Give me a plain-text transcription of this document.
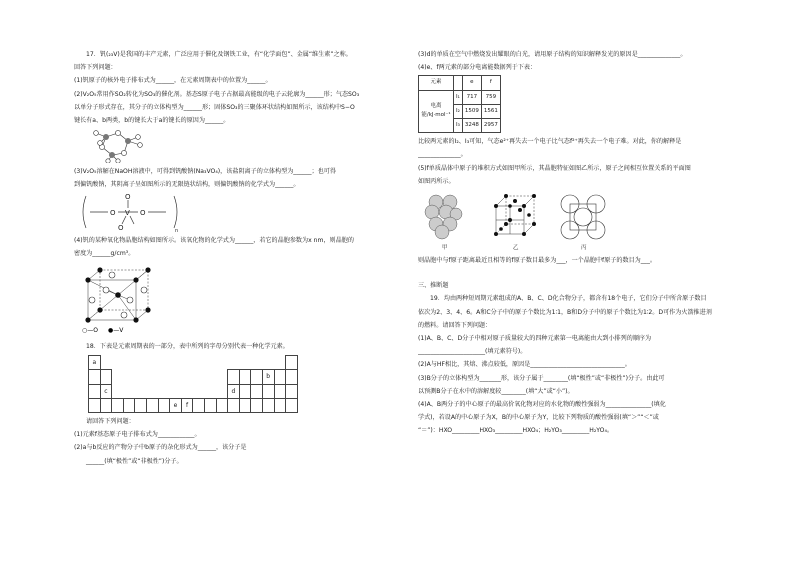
17．钒(₂₃V)是我国的丰产元素，广泛应用于催化及钢铁工业，有“化学面包”、金属“维生素”之称。
回答下列问题：
(1)钒原子的核外电子排布式为______，在元素周期表中的位置为______。
(2)V₂O₅常用作SO₂转化为SO₃的催化剂。基态S原子电子占据最高能级的电子云轮廓为______形；气态SO₃
以单分子形式存在，其分子的立体构型为______形；固体SO₃的三聚体环状结构如图所示，该结构中S−O
键长有a、b两类，b的键长大于a的键长的原因为______。
(3)V₂O₅溶解在NaOH溶液中，可得到钒酸钠(Na₃VO₄)，该盐阴离子的立体构型为______；也可得
到偏钒酸钠，其阴离子呈如图所示的无限链状结构，则偏钒酸钠的化学式为______。
O V O
O
O	n
(4)钒的某种氧化物晶胞结构如图所示。该氧化物的化学式为______，若它的晶胞参数为x nm，则晶胞的
密度为______g/cm³。
○—O ●—V
18．下表是元素周期表的一部分，表中所列的字母分别代表一种化学元素。
a																	
															b		
	c											d					
							e	f									
请回答下列问题：
(1)元素f基态原子电子排布式为____________。
(2)a与b反应的产物分子中b原子的杂化形式为______，该分子是
______(填“极性”或“非极性”)分子。
(3)d的单质在空气中燃烧发出耀眼的白光，请用原子结构的知识解释发光的原因是______________。
(4)e、f两元素的部分电离能数据列于下表：
元素		e	f
电离能/kJ·mol⁻¹	I₁	717	759
	I₂	1509	1561
	I₃	3248	2957
比较两元素的I₂、I₃可知，气态e²⁺再失去一个电子比气态f²⁺再失去一个电子难。对此，你的解释是
______________。
(5)f单质晶体中原子的堆积方式如图甲所示，其晶胞特征如图乙所示，原子之间相互位置关系的平面图
如图丙所示。
甲	乙	丙
则晶胞中与f原子距离最近且相等的f原子数目最多为___，一个晶胞中f原子的数目为___。
三、推断题
19．均由两种短周期元素组成的A、B、C、D化合物分子，都含有18个电子，它们分子中所含原子数目
依次为2、3、4、6。A和C分子中的原子个数比为1∶1，B和D分子中的原子个数比为1∶2。D可作为火箭推进剂
的燃料。请回答下列问题：
(1)A、B、C、D分子中相对原子质量较大的四种元素第一电离能由大到小排列的顺序为
______________________(填元素符号)。
(2)A与HF相比，其熔、沸点较低，原因是_______________________________。
(3)B分子的立体构型为_______形，该分子属于________(填“极性”或“非极性”)分子。由此可
以预测B分子在水中的溶解度较________(填“大”或“小”)。
(4)A、B两分子的中心原子的最高价氧化物对应的水化物的酸性强弱为_______________(填化
学式)，若设A的中心原子为X，B的中心原子为Y，比较下列物质的酸性强弱(填“＞”“＜”或
“＝”)：HXO_________HXO₃_________HXO₄；H₂YO₃_________H₂YO₄。
